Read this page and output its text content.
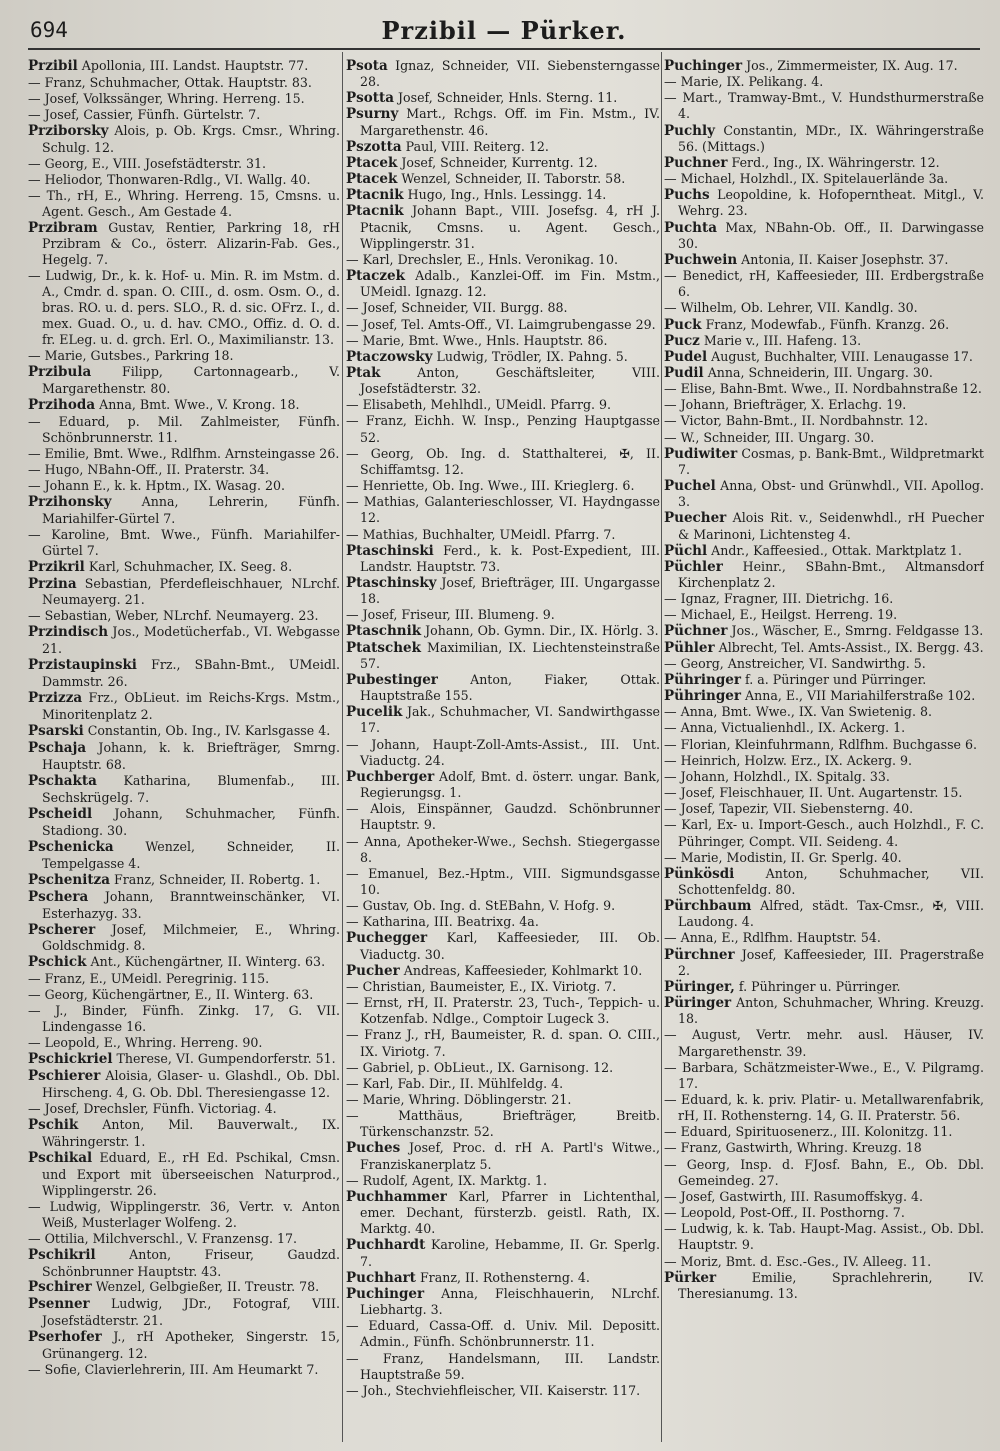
694	Przibil — Pürker.

Przibil Apollonia, III. Landst. Hauptstr. 77.

— Franz, Schuhmacher, Ottak. Hauptstr. 83.

— Josef, Volkssänger, Whring. Herreng. 15.

— Josef, Cassier, Fünfh. Gürtelstr. 7.

Prziborsky Alois, p. Ob. Krgs. Cmsr., Whring. Schulg. 12.

— Georg, E., VIII. Josefstädterstr. 31.

— Heliodor, Thonwaren-Rdlg., VI. Wallg. 40.

— Th., rH, E., Whring. Herreng. 15, Cmsns. u. Agent. Gesch., Am Gestade 4.

Przibram Gustav, Rentier, Parkring 18, rH Przibram & Co., österr. Alizarin-Fab. Ges., Hegelg. 7.

— Ludwig, Dr., k. k. Hof- u. Min. R. im Mstm. d. A., Cmdr. d. span. O. CIII., d. osm. Osm. O., d. bras. RO. u. d. pers. SLO., R. d. sic. OFrz. I., d. mex. Guad. O., u. d. hav. CMO., Offiz. d. O. d. fr. ELeg. u. d. grch. Erl. O., Maximilianstr. 13.

— Marie, Gutsbes., Parkring 18.

Przibula Filipp, Cartonnagearb., V. Margarethenstr. 80.

Przihoda Anna, Bmt. Wwe., V. Krong. 18.

— Eduard, p. Mil. Zahlmeister, Fünfh. Schönbrunnerstr. 11.

— Emilie, Bmt. Wwe., Rdlfhm. Arnsteingasse 26.

— Hugo, NBahn-Off., II. Praterstr. 34.

— Johann E., k. k. Hptm., IX. Wasag. 20.

Przihonsky Anna, Lehrerin, Fünfh. Mariahilfer-Gürtel 7.

— Karoline, Bmt. Wwe., Fünfh. Mariahilfer-Gürtel 7.

Przikril Karl, Schuhmacher, IX. Seeg. 8.

Przina Sebastian, Pferdefleischhauer, NLrchf. Neumayerg. 21.

— Sebastian, Weber, NLrchf. Neumayerg. 23.

Przindisch Jos., Modetücherfab., VI. Webgasse 21.

Przistaupinski Frz., SBahn-Bmt., UMeidl. Dammstr. 26.

Przizza Frz., ObLieut. im Reichs-Krgs. Mstm., Minoritenplatz 2.

Psarski Constantin, Ob. Ing., IV. Karlsgasse 4.

Pschaja Johann, k. k. Briefträger, Smrng. Hauptstr. 68.

Pschakta Katharina, Blumenfab., III. Sechskrügelg. 7.

Pscheidl Johann, Schuhmacher, Fünfh. Stadiong. 30.

Pschenicka	Wenzel, Schneider, II. Tempelgasse 4.

Pschenitza Franz, Schneider, II. Robertg. 1.

Pschera Johann, Branntweinschänker, VI. Esterhazyg. 33.

Pscherer Josef, Milchmeier, E., Whring. Goldschmidg. 8.

Pschick Ant., Küchengärtner, II. Winterg. 63.

— Franz, E., UMeidl. Peregrinig. 115.

— Georg, Küchengärtner, E., II. Winterg. 63.

— J., Binder, Fünfh. Zinkg. 17, G. VII. Lindengasse 16.

— Leopold, E., Whring. Herreng. 90.

Pschickriel Therese, VI. Gumpendorferstr. 51.

Pschierer Aloisia, Glaser- u. Glashdl., Ob. Dbl. Hirscheng. 4, G. Ob. Dbl. Theresiengasse 12.

— Josef, Drechsler, Fünfh. Victoriag. 4.

Pschik Anton, Mil. Bauverwalt., IX. Währingerstr. 1.

Pschikal Eduard, E., rH Ed. Pschikal, Cmsn. und Export mit überseeischen Naturprod., Wipplingerstr. 26.

— Ludwig, Wipplingerstr. 36, Vertr. v. Anton Weiß, Musterlager Wolfeng. 2.

— Ottilia, Milchverschl., V. Franzensg. 17.

Pschikril	Anton, Friseur, Gaudzd. Schönbrunner Hauptstr. 43.

Pschirer Wenzel, Gelbgießer, II. Treustr. 78.

Psenner Ludwig, JDr., Fotograf, VIII. Josefstädterstr. 21.

Pserhofer J., rH Apotheker, Singerstr. 15, Grünangerg. 12.

— Sofie, Clavierlehrerin, III. Am Heumarkt 7.

Psota Ignaz, Schneider, VII. Siebensterngasse 28.

Psotta Josef, Schneider, Hnls. Sterng. 11.

Psurny Mart., Rchgs. Off. im Fin. Mstm., IV. Margarethenstr. 46.

Pszotta Paul, VIII. Reiterg. 12.

Ptacek Josef, Schneider, Kurrentg. 12.

Ptacek Wenzel, Schneider, II. Taborstr. 58.

Ptacnik Hugo, Ing., Hnls. Lessingg. 14.

Ptacnik Johann Bapt., VIII. Josefsg. 4, rH J. Ptacnik, Cmsns. u. Agent. Gesch., Wipplingerstr. 31.

— Karl, Drechsler, E., Hnls. Veronikag. 10.

Ptaczek Adalb., Kanzlei-Off. im Fin. Mstm., UMeidl. Ignazg. 12.

— Josef, Schneider, VII. Burgg. 88.

— Josef, Tel. Amts-Off., VI. Laimgrubengasse 29.

— Marie, Bmt. Wwe., Hnls. Hauptstr. 86.

Ptaczowsky Ludwig, Trödler, IX. Pahng. 5.

Ptak	Anton, Geschäftsleiter, VIII. Josefstädterstr. 32.

— Elisabeth, Mehlhdl., UMeidl. Pfarrg. 9.

— Franz, Eichh. W. Insp., Penzing Hauptgasse 52.

— Georg, Ob. Ing. d. Statthalterei, ✠, II. Schiffamtsg. 12.

— Henriette, Ob. Ing. Wwe., III. Krieglerg. 6.

— Mathias, Galanterieschlosser, VI. Haydngasse 12.

— Mathias, Buchhalter, UMeidl. Pfarrg. 7.

Ptaschinski Ferd., k. k. Post-Expedient, III. Landstr. Hauptstr. 73.

Ptaschinsky Josef, Briefträger, III. Ungargasse 18.

— Josef, Friseur, III. Blumeng. 9.

Ptaschnik Johann, Ob. Gymn. Dir., IX. Hörlg. 3.

Ptatschek Maximilian, IX. Liechtensteinstraße 57.

Pubestinger	Anton, Fiaker, Ottak. Hauptstraße 155.

Pucelik Jak., Schuhmacher, VI. Sandwirthgasse 17.

— Johann, Haupt-Zoll-Amts-Assist., III. Unt. Viaductg. 24.

Puchberger Adolf, Bmt. d. österr. ungar. Bank, Regierungsg. 1.

— Alois, Einspänner, Gaudzd. Schönbrunner Hauptstr. 9.

— Anna, Apotheker-Wwe., Sechsh. Stiegergasse 8.

— Emanuel, Bez.-Hptm., VIII. Sigmundsgasse 10.

— Gustav, Ob. Ing. d. StEBahn, V. Hofg. 9.

— Katharina, III. Beatrixg. 4a.

Puchegger Karl, Kaffeesieder, III. Ob. Viaductg. 30.

Pucher Andreas, Kaffeesieder, Kohlmarkt 10.

— Christian, Baumeister, E., IX. Viriotg. 7.

— Ernst, rH, II. Praterstr. 23, Tuch-, Teppich- u. Kotzenfab. Ndlge., Comptoir Lugeck 3.

— Franz J., rH, Baumeister, R. d. span. O. CIII., IX. Viriotg. 7.

— Gabriel, p. ObLieut., IX. Garnisong. 12.

— Karl, Fab. Dir., II. Mühlfeldg. 4.

— Marie, Whring. Döblingerstr. 21.

— Matthäus, Briefträger, Breitb. Türkenschanzstr. 52.

Puches Josef, Proc. d. rH A. Partl's Witwe., Franziskanerplatz 5.

— Rudolf, Agent, IX. Marktg. 1.

Puchhammer Karl, Pfarrer in Lichtenthal, emer. Dechant, fürsterzb. geistl. Rath, IX. Marktg. 40.

Puchhardt Karoline, Hebamme, II. Gr. Sperlg. 7.

Puchhart Franz, II. Rothensterng. 4.

Puchinger Anna, Fleischhauerin, NLrchf. Liebhartg. 3.

— Eduard, Cassa-Off. d. Univ. Mil. Depositt. Admin., Fünfh. Schönbrunnerstr. 11.

— Franz, Handelsmann, III. Landstr. Hauptstraße 59.

— Joh., Stechviehfleischer, VII. Kaiserstr. 117.

Puchinger Jos., Zimmermeister, IX. Aug. 17.

— Marie, IX. Pelikang. 4.

— Mart., Tramway-Bmt., V. Hundsthurmerstraße 4.

Puchly Constantin, MDr., IX. Währingerstraße 56. (Mittags.)

Puchner Ferd., Ing., IX. Währingerstr. 12.

— Michael, Holzhdl., IX. Spitelauerlände 3a.

Puchs Leopoldine, k. Hofoperntheat. Mitgl., V. Wehrg. 23.

Puchta Max, NBahn-Ob. Off., II. Darwingasse 30.

Puchwein Antonia, II. Kaiser Josephstr. 37.

— Benedict, rH, Kaffeesieder, III. Erdbergstraße 6.

— Wilhelm, Ob. Lehrer, VII. Kandlg. 30.

Puck Franz, Modewfab., Fünfh. Kranzg. 26.

Pucz Marie v., III. Hafeng. 13.

Pudel August, Buchhalter, VIII. Lenaugasse 17.

Pudil Anna, Schneiderin, III. Ungarg. 30.

— Elise, Bahn-Bmt. Wwe., II. Nordbahnstraße 12.

— Johann, Briefträger, X. Erlachg. 19.

— Victor, Bahn-Bmt., II. Nordbahnstr. 12.

— W., Schneider, III. Ungarg. 30.

Pudiwiter Cosmas, p. Bank-Bmt., Wildpretmarkt 7.

Puchel Anna, Obst- und Grünwhdl., VII. Apollog. 3.

Puecher Alois Rit. v., Seidenwhdl., rH Puecher & Marinoni, Lichtensteg 4.

Püchl Andr., Kaffeesied., Ottak. Marktplatz 1.

Püchler Heinr., SBahn-Bmt., Altmansdorf Kirchenplatz 2.

— Ignaz, Fragner, III. Dietrichg. 16.

— Michael, E., Heilgst. Herreng. 19.

Püchner Jos., Wäscher, E., Smrng. Feldgasse 13.

Pühler Albrecht, Tel. Amts-Assist., IX. Bergg. 43.

— Georg, Anstreicher, VI. Sandwirthg. 5.

Pühringer f. a. Püringer und Pürringer.

Pühringer Anna, E., VII Mariahilferstraße 102.

— Anna, Bmt. Wwe., IX. Van Swietenig. 8.

— Anna, Victualienhdl., IX. Ackerg. 1.

— Florian, Kleinfuhrmann, Rdlfhm. Buchgasse 6.

— Heinrich, Holzw. Erz., IX. Ackerg. 9.

— Johann, Holzhdl., IX. Spitalg. 33.

— Josef, Fleischhauer, II. Unt. Augartenstr. 15.

— Josef, Tapezir, VII. Siebensterng. 40.

— Karl, Ex- u. Import-Gesch., auch Holzhdl., F. C. Pühringer, Compt. VII. Seideng. 4.

— Marie, Modistin, II. Gr. Sperlg. 40.

Pünkösdi Anton, Schuhmacher, VII. Schottenfeldg. 80.

Pürchbaum Alfred, städt. Tax-Cmsr., ✠, VIII. Laudong. 4.

— Anna, E., Rdlfhm. Hauptstr. 54.

Pürchner Josef, Kaffeesieder, III. Pragerstraße 2.

Püringer, f. Pühringer u. Pürringer.

Püringer Anton, Schuhmacher, Whring. Kreuzg. 18.

— August, Vertr. mehr. ausl. Häuser, IV. Margarethenstr. 39.

— Barbara, Schätzmeister-Wwe., E., V. Pilgramg. 17.

— Eduard, k. k. priv. Platir- u. Metallwarenfabrik, rH, II. Rothensterng. 14, G. II. Praterstr. 56.

— Eduard, Spirituosenerz., III. Kolonitzg. 11.

— Franz, Gastwirth, Whring. Kreuzg. 18

— Georg, Insp. d. FJosf. Bahn, E., Ob. Dbl. Gemeindeg. 27.

— Josef, Gastwirth, III. Rasumoffskyg. 4.

— Leopold, Post-Off., II. Posthorng. 7.

— Ludwig, k. k. Tab. Haupt-Mag. Assist., Ob. Dbl. Hauptstr. 9.

— Moriz, Bmt. d. Esc.-Ges., IV. Alleeg. 11.

Pürker	Emilie, Sprachlehrerin, IV. Theresianumg. 13.
